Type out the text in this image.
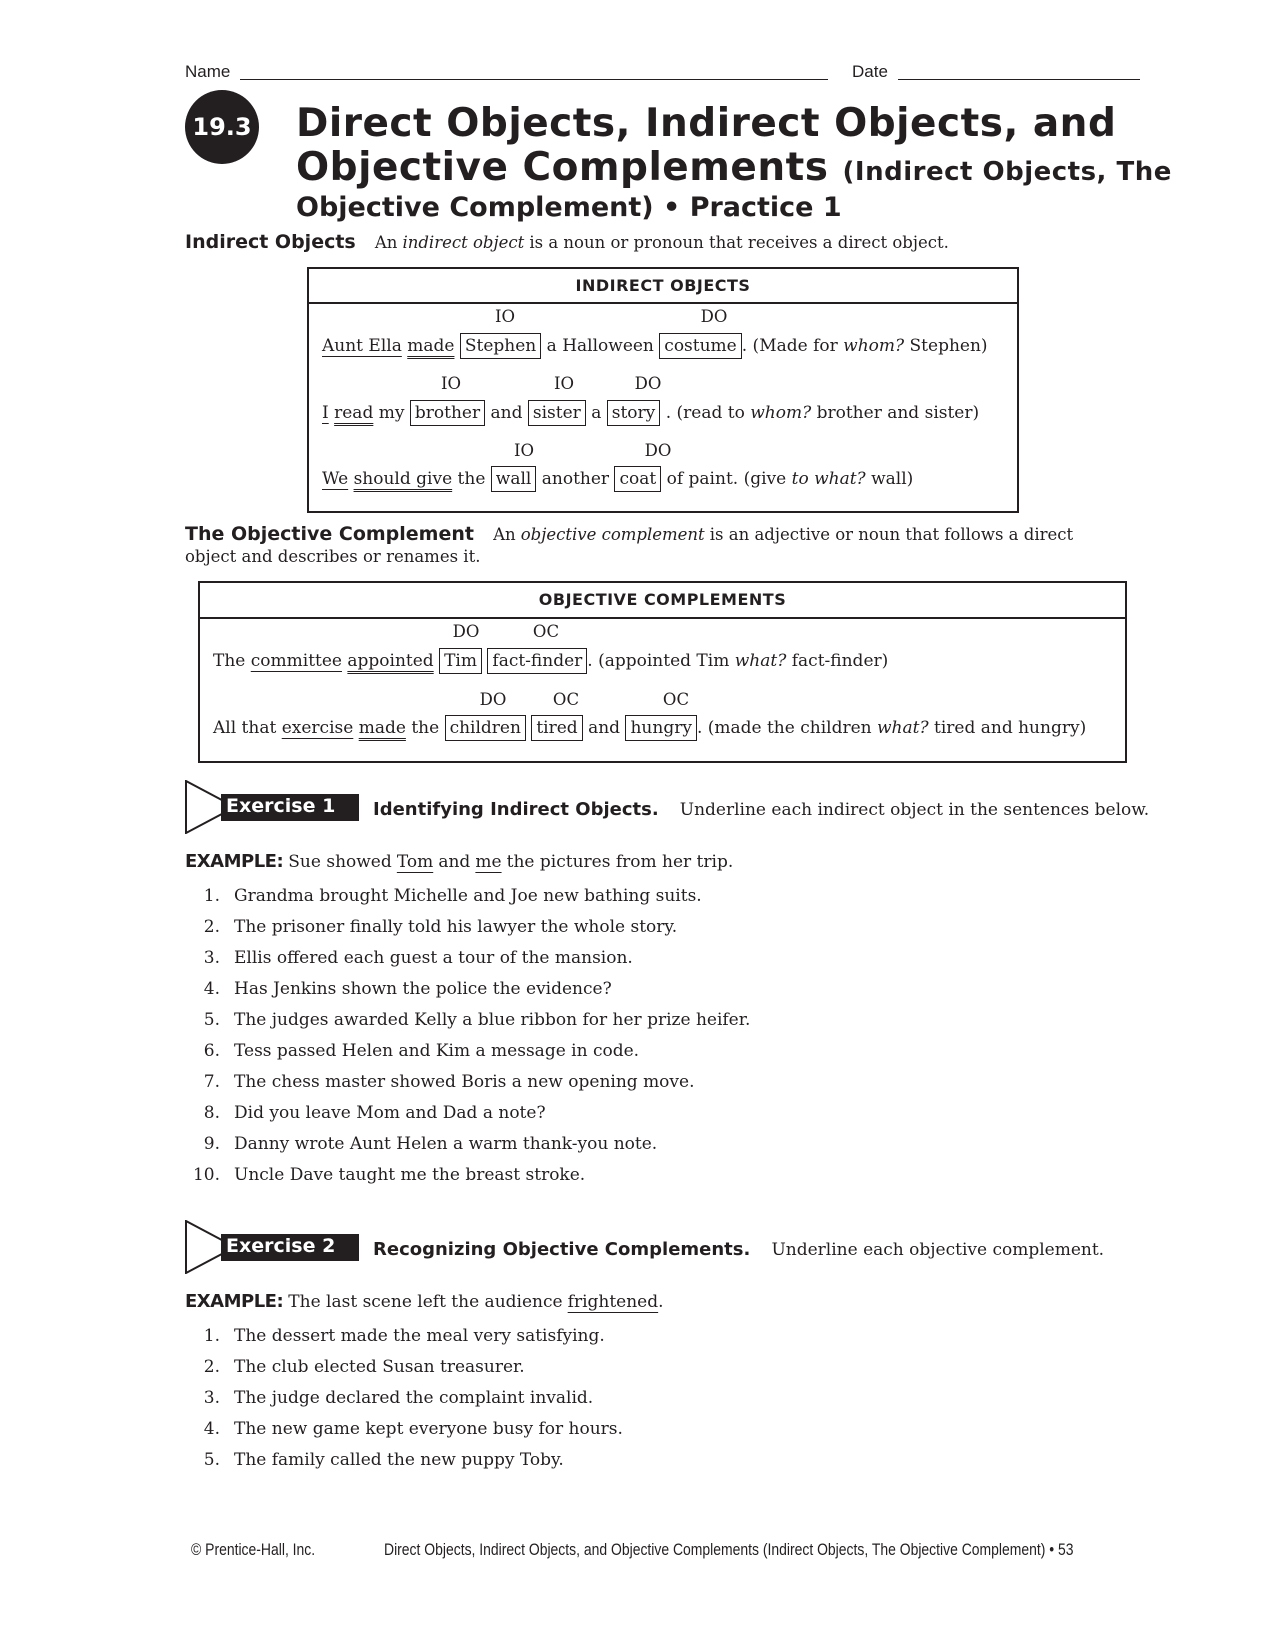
Name	Date
19.3 Direct Objects, Indirect Objects, and
Objective Complements (Indirect Objects, The
Objective Complement) • Practice 1
Indirect Objects An indirect object is a noun or pronoun that receives a direct object.
INDIRECT OBJECTS
IO	DO
Aunt Ella made Stephen a Halloween costume . (Made for whom? Stephen)
IO	IO	DO
I read my brother and sister a story . (read to whom? brother and sister)
IO	DO
We should give the wall another coat of paint. (give to what? wall)
The Objective Complement An objective complement is an adjective or noun that follows a direct
object and describes or renames it.
OBJECTIVE COMPLEMENTS
DO	OC
The committee appointed Tim fact-finder . (appointed Tim what? fact-finder)
DO	OC	OC
All that exercise made the children tired and hungry . (made the children what? tired and hungry)
Exercise 1 Identifying Indirect Objects. Underline each indirect object in the sentences below.
EXAMPLE: Sue showed Tom and me the pictures from her trip.
1. Grandma brought Michelle and Joe new bathing suits.
2. The prisoner finally told his lawyer the whole story.
3. Ellis offered each guest a tour of the mansion.
4. Has Jenkins shown the police the evidence?
5. The judges awarded Kelly a blue ribbon for her prize heifer.
6. Tess passed Helen and Kim a message in code.
7. The chess master showed Boris a new opening move.
8. Did you leave Mom and Dad a note?
9. Danny wrote Aunt Helen a warm thank-you note.
10. Uncle Dave taught me the breast stroke.
Exercise 2 Recognizing Objective Complements. Underline each objective complement.
EXAMPLE: The last scene left the audience frightened.
1. The dessert made the meal very satisfying.
2. The club elected Susan treasurer.
3. The judge declared the complaint invalid.
4. The new game kept everyone busy for hours.
5. The family called the new puppy Toby.
© Prentice-Hall, Inc.	Direct Objects, Indirect Objects, and Objective Complements (Indirect Objects, The Objective Complement) • 53
